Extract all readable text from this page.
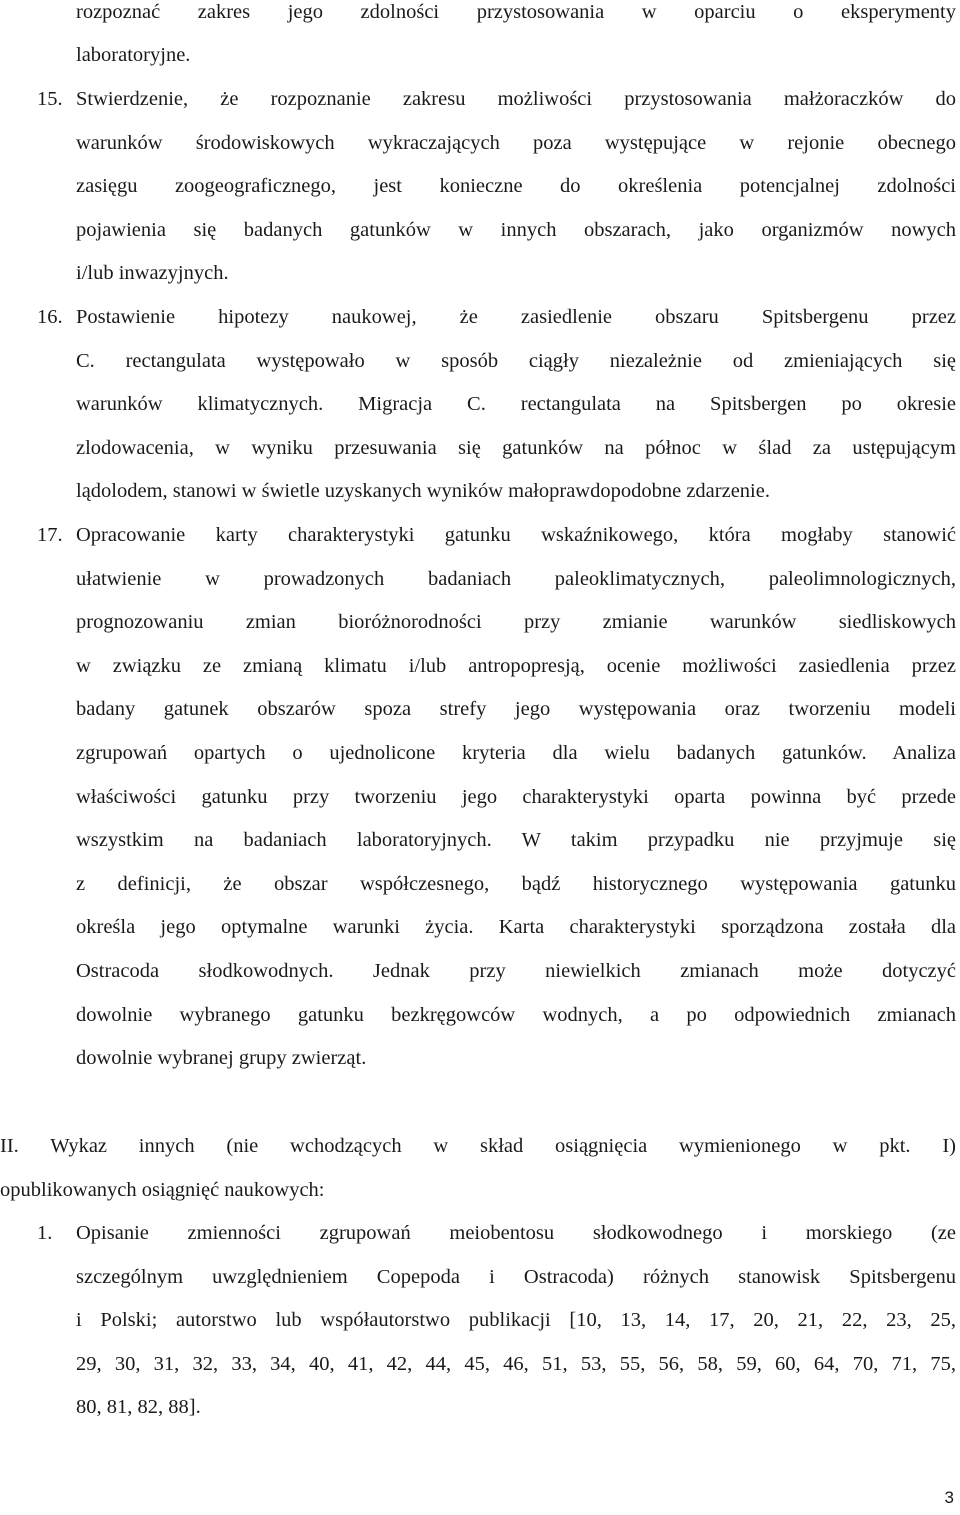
rozpoznać zakres jego zdolności przystosowania w oparciu o eksperymenty

laboratoryjne.

15. Stwierdzenie, że rozpoznanie zakresu możliwości przystosowania małżoraczków do

warunków środowiskowych wykraczających poza występujące w rejonie obecnego

zasięgu zoogeograficznego, jest konieczne do określenia potencjalnej zdolności

pojawienia się badanych gatunków w innych obszarach, jako organizmów nowych

i/lub inwazyjnych.

16. Postawienie hipotezy naukowej, że zasiedlenie obszaru Spitsbergenu przez

C. rectangulata występowało w sposób ciągły niezależnie od zmieniających się

warunków klimatycznych. Migracja C. rectangulata na Spitsbergen po okresie

zlodowacenia, w wyniku przesuwania się gatunków na północ w ślad za ustępującym

lądolodem, stanowi w świetle uzyskanych wyników małoprawdopodobne zdarzenie.

17. Opracowanie karty charakterystyki gatunku wskaźnikowego, która mogłaby stanowić

ułatwienie w prowadzonych badaniach paleoklimatycznych, paleolimnologicznych,

prognozowaniu zmian bioróżnorodności przy zmianie warunków siedliskowych

w związku ze zmianą klimatu i/lub antropopresją, ocenie możliwości zasiedlenia przez

badany gatunek obszarów spoza strefy jego występowania oraz tworzeniu modeli

zgrupowań opartych o ujednolicone kryteria dla wielu badanych gatunków. Analiza

właściwości gatunku przy tworzeniu jego charakterystyki oparta powinna być przede

wszystkim na badaniach laboratoryjnych. W takim przypadku nie przyjmuje się

z definicji, że obszar współczesnego, bądź historycznego występowania gatunku

określa jego optymalne warunki życia. Karta charakterystyki sporządzona została dla

Ostracoda słodkowodnych. Jednak przy niewielkich zmianach może dotyczyć

dowolnie wybranego gatunku bezkręgowców wodnych, a po odpowiednich zmianach

dowolnie wybranej grupy zwierząt.

II. Wykaz innych (nie wchodzących w skład osiągnięcia wymienionego w pkt. I)

opublikowanych osiągnięć naukowych:

1. Opisanie zmienności zgrupowań meiobentosu słodkowodnego i morskiego (ze

szczególnym uwzględnieniem Copepoda i Ostracoda) różnych stanowisk Spitsbergenu

i Polski; autorstwo lub współautorstwo publikacji [10, 13, 14, 17, 20, 21, 22, 23, 25,

29, 30, 31, 32, 33, 34, 40, 41, 42, 44, 45, 46, 51, 53, 55, 56, 58, 59, 60, 64, 70, 71, 75,

80, 81, 82, 88].

3
